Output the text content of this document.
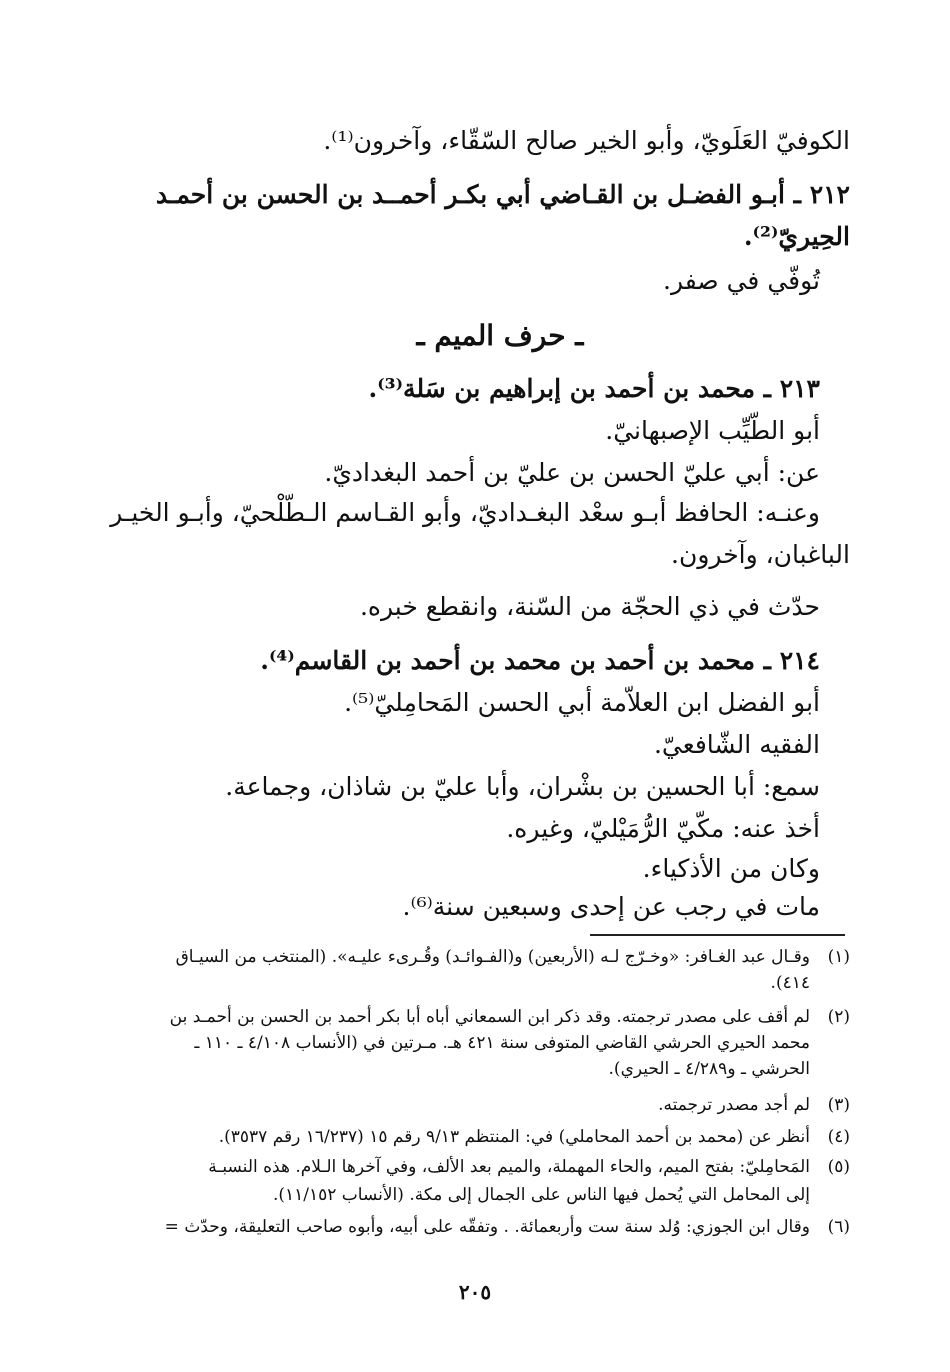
الكوفيّ العَلَويّ، وأبو الخير صالح السّقّاء، وآخرون⁽¹⁾.
٢١٢ ـ أبـو الفضـل بن القـاضي أبي بكـر أحمــد بن الحسن بن أحمـد
الحِيريّ⁽²⁾.
تُوفّي في صفر.
ـ حرف الميم ـ
٢١٣ ـ محمد بن أحمد بن إبراهيم بن سَلة⁽³⁾.
أبو الطّيِّب الإصبهانيّ.
عن: أبي عليّ الحسن بن عليّ بن أحمد البغداديّ.
وعنـه: الحافظ أبـو سعْد البغـداديّ، وأبو القـاسم الـطّلْحيّ، وأبـو الخيـر
الباغبان، وآخرون.
حدّث في ذي الحجّة من السّنة، وانقطع خبره.
٢١٤ ـ محمد بن أحمد بن محمد بن أحمد بن القاسم⁽⁴⁾.
أبو الفضل ابن العلاّمة أبي الحسن المَحامِليّ⁽⁵⁾.
الفقيه الشّافعيّ.
سمع: أبا الحسين بن بشْران، وأبا عليّ بن شاذان، وجماعة.
أخذ عنه: مكّيّ الرُّمَيْليّ، وغيره.
وكان من الأذكياء.
مات في رجب عن إحدى وسبعين سنة⁽⁶⁾.
(١)
وقـال عبد الغـافر: «وخـرّج لـه (الأربعين) و(الفـوائـد) وقُـرىء عليـه». (المنتخب من السيـاق
٤١٤).
(٢)
لم أقف على مصدر ترجمته. وقد ذكر ابن السمعاني أباه أبا بكر أحمد بن الحسن بن أحمـد بن
محمد الحيري الحرشي القاضي المتوفى سنة ٤٢١ هـ. مـرتين في (الأنساب ٤/١٠٨ ـ ١١٠ ـ
الحرشي ـ و٤/٢٨٩ ـ الحيري).
(٣)
لم أجد مصدر ترجمته.
(٤)
أنظر عن (محمد بن أحمد المحاملي) في: المنتظم ٩/١٣ رقم ١٥ (١٦/٢٣٧ رقم ٣٥٣٧).
(٥)
المَحامِليّ: بفتح الميم، والحاء المهملة، والميم بعد الألف، وفي آخرها الـلام. هذه النسبـة
إلى المحامل التي يُحمل فيها الناس على الجمال إلى مكة. (الأنساب ١١/١٥٢).
(٦)
وقال ابن الجوزي: وُلد سنة ست وأربعمائة. . وتفقّه على أبيه، وأبوه صاحب التعليقة، وحدّث =
٢٠٥
